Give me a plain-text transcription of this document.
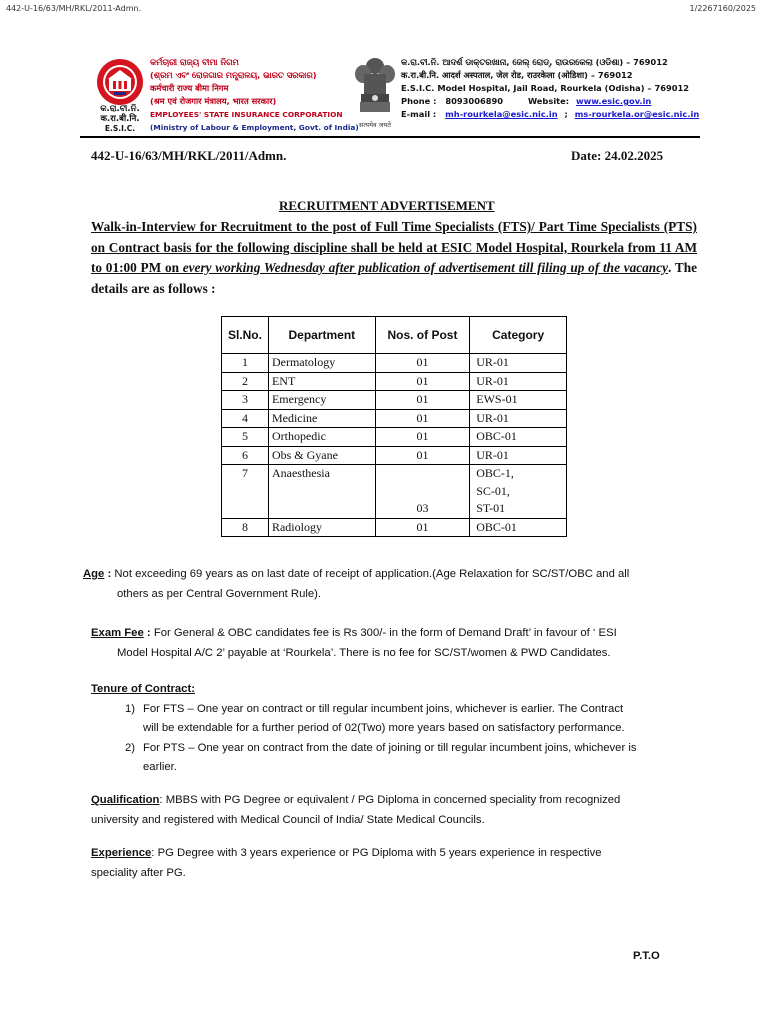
442-U-16/63/MH/RKL/2011-Admn.	1/2267160/2025
କ.ରା.ବୀ.ନି.
क.रा.बी.नि.
E.S.I.C.
କର୍ମଚାରୀ ରାଜ୍ୟ ବୀମା ନିଗମ
(ଶ୍ରମ ଏବଂ ରୋଜଗାର ମନ୍ତ୍ରାଳୟ, ଭାରତ ସରକାର)
कर्मचारी राज्य बीमा निगम
(श्रम एवं रोजगार मंत्रालय, भारत सरकार)
EMPLOYEES' STATE INSURANCE CORPORATION
(Ministry of Labour & Employment, Govt. of India) सत्यमेव जयते
କ.ରା.ବୀ.ନି. ଆଦର୍ଶ ଡାକ୍ତରଖାନା, ଜେଲ୍ ରୋଡ୍, ରାଉରକେଲା (ଓଡିଶା) – 769012
क.रा.बी.नि. आदर्श अस्पताल, जेल रोड, राउरकेला (ओडिशा) – 769012
E.S.I.C. Model Hospital, Jail Road, Rourkela (Odisha) – 769012
Phone : 8093006890	Website: www.esic.gov.in
E-mail : mh-rourkela@esic.nic.in ; ms-rourkela.or@esic.nic.in
442-U-16/63/MH/RKL/2011/Admn.	Date: 24.02.2025
RECRUITMENT ADVERTISEMENT
Walk-in-Interview for Recruitment to the post of Full Time Specialists (FTS)/ Part Time Specialists (PTS) on Contract basis for the following discipline shall be held at ESIC Model Hospital, Rourkela from 11 AM to 01:00 PM on every working Wednesday after publication of advertisement till filing up of the vacancy. The details are as follows :
Sl.No.	Department	Nos. of Post	Category
1	Dermatology	01	UR-01
2	ENT	01	UR-01
3	Emergency	01	EWS-01
4	Medicine	01	UR-01
5	Orthopedic	01	OBC-01
6	Obs & Gyane	01	UR-01
7	Anaesthesia	03	OBC-1,
SC-01,
ST-01
8	Radiology	01	OBC-01
Age : Not exceeding 69 years as on last date of receipt of application.(Age Relaxation for SC/ST/OBC and all
others as per Central Government Rule).
Exam Fee : For General & OBC candidates fee is Rs 300/- in the form of Demand Draft’ in favour of ‘ ESI
Model Hospital A/C 2’ payable at ‘Rourkela’. There is no fee for SC/ST/women & PWD Candidates.
Tenure of Contract:
1) For FTS – One year on contract or till regular incumbent joins, whichever is earlier. The Contract
will be extendable for a further period of 02(Two) more years based on satisfactory performance.
2) For PTS – One year on contract from the date of joining or till regular incumbent joins, whichever is
earlier.
Qualification: MBBS with PG Degree or equivalent / PG Diploma in concerned speciality from recognized
university and registered with Medical Council of India/ State Medical Councils.
Experience: PG Degree with 3 years experience or PG Diploma with 5 years experience in respective
speciality after PG.
P.T.O
